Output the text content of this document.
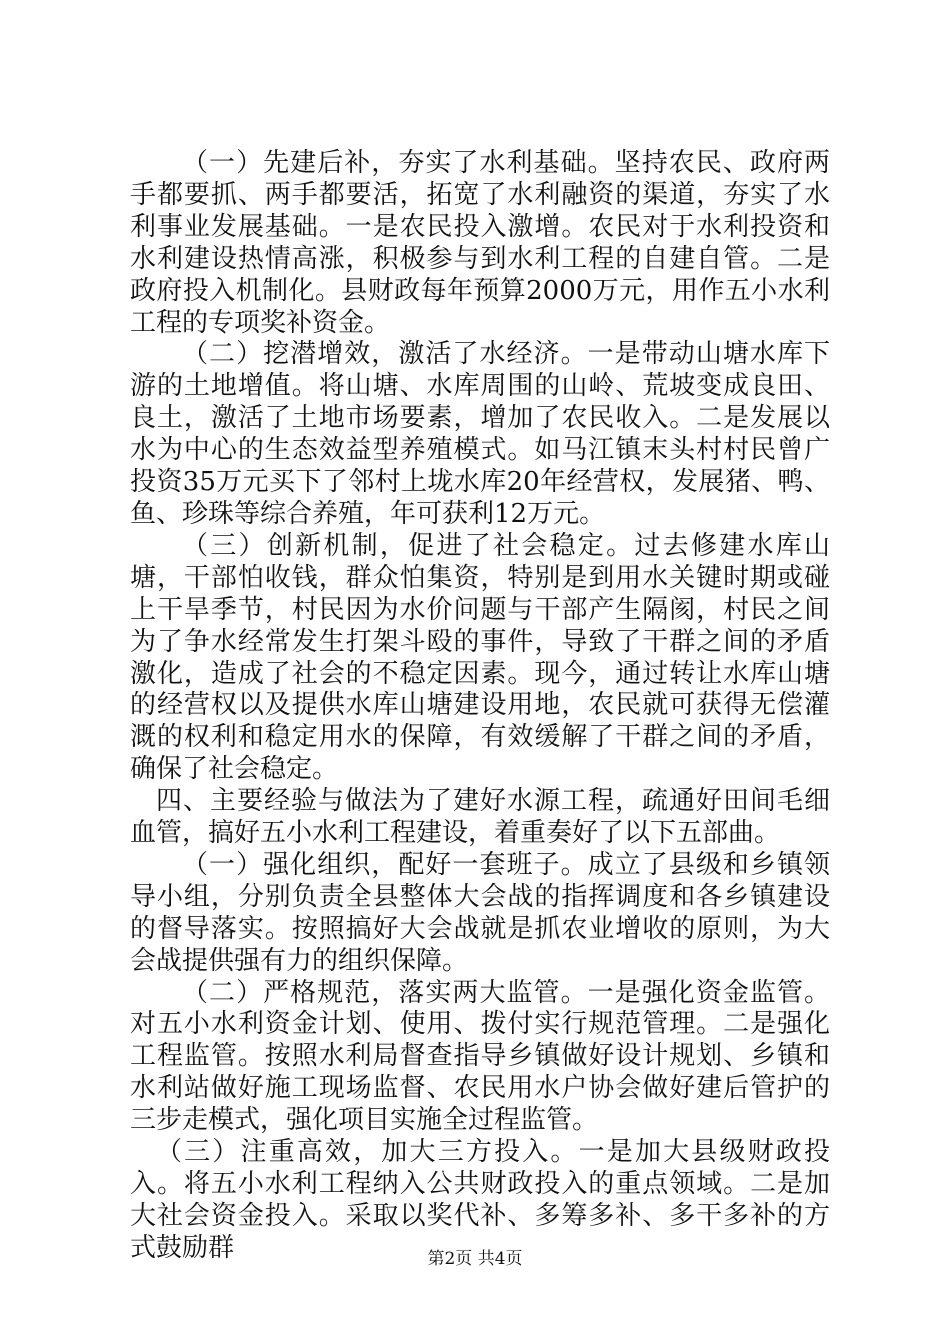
（一）先建后补，夯实了水利基础。坚持农民、政府两手都要抓、两手都要活，拓宽了水利融资的渠道，夯实了水利事业发展基础。一是农民投入激增。农民对于水利投资和水利建设热情高涨，积极参与到水利工程的自建自管。二是政府投入机制化。县财政每年预算2000万元，用作五小水利工程的专项奖补资金。

（二）挖潜增效，激活了水经济。一是带动山塘水库下游的土地增值。将山塘、水库周围的山岭、荒坡变成良田、良土，激活了土地市场要素，增加了农民收入。二是发展以水为中心的生态效益型养殖模式。如马江镇末头村村民曾广投资35万元买下了邻村上垅水库20年经营权，发展猪、鸭、鱼、珍珠等综合养殖，年可获利12万元。

（三）创新机制，促进了社会稳定。过去修建水库山塘，干部怕收钱，群众怕集资，特别是到用水关键时期或碰上干旱季节，村民因为水价问题与干部产生隔阂，村民之间为了争水经常发生打架斗殴的事件，导致了干群之间的矛盾激化，造成了社会的不稳定因素。现今，通过转让水库山塘的经营权以及提供水库山塘建设用地，农民就可获得无偿灌溉的权利和稳定用水的保障，有效缓解了干群之间的矛盾，确保了社会稳定。

四、主要经验与做法为了建好水源工程，疏通好田间毛细血管，搞好五小水利工程建设，着重奏好了以下五部曲。

（一）强化组织，配好一套班子。成立了县级和乡镇领导小组，分别负责全县整体大会战的指挥调度和各乡镇建设的督导落实。按照搞好大会战就是抓农业增收的原则，为大会战提供强有力的组织保障。

（二）严格规范，落实两大监管。一是强化资金监管。对五小水利资金计划、使用、拨付实行规范管理。二是强化工程监管。按照水利局督查指导乡镇做好设计规划、乡镇和水利站做好施工现场监督、农民用水户协会做好建后管护的三步走模式，强化项目实施全过程监管。

（三）注重高效，加大三方投入。一是加大县级财政投入。将五小水利工程纳入公共财政投入的重点领域。二是加大社会资金投入。采取以奖代补、多筹多补、多干多补的方式鼓励群	第2页 共4页
